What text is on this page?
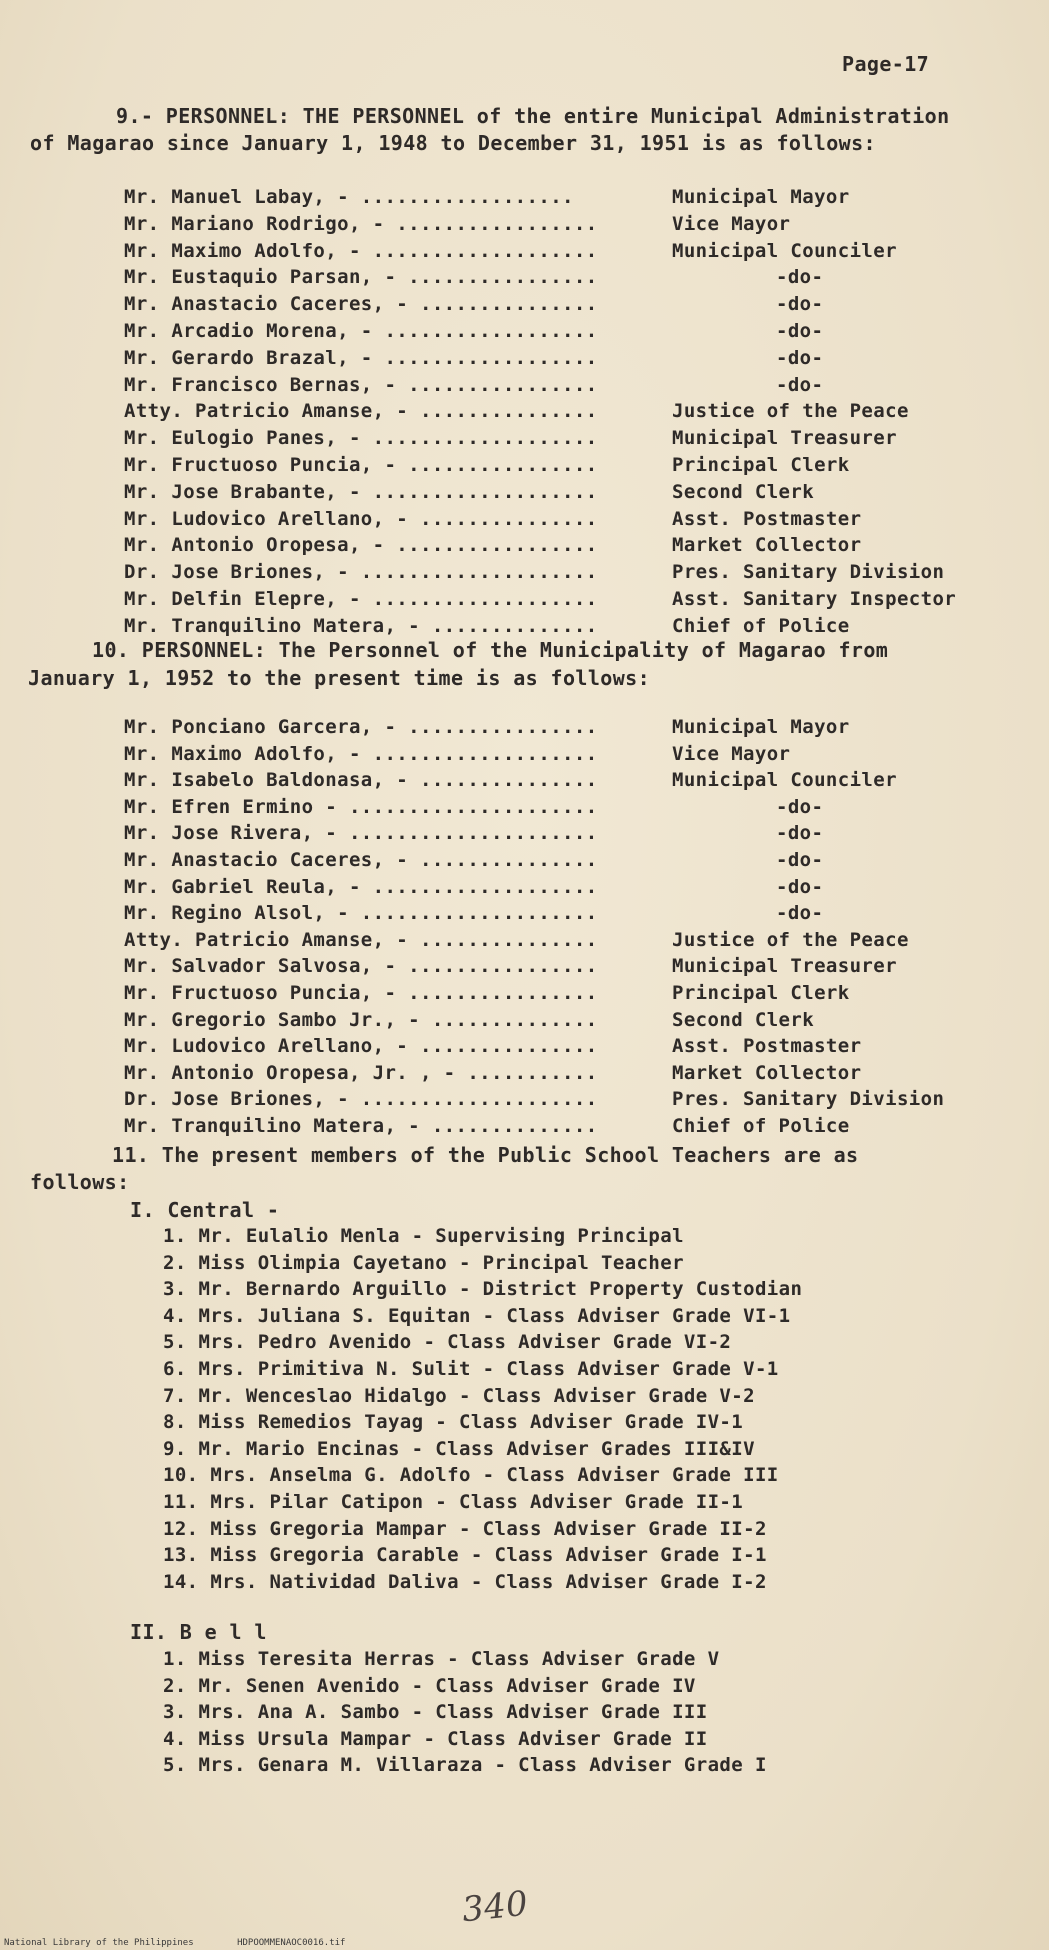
Page-17
9.- PERSONNEL: THE PERSONNEL of the entire Municipal Administration
of Magarao since January 1, 1948 to December 31, 1951 is as follows:
Mr. Manuel Labay, - ..................	Municipal Mayor
Mr. Mariano Rodrigo, - .................	Vice Mayor
Mr. Maximo Adolfo, - ...................	Municipal Counciler
Mr. Eustaquio Parsan, - ................	-do-
Mr. Anastacio Caceres, - ...............	-do-
Mr. Arcadio Morena, - ..................	-do-
Mr. Gerardo Brazal, - ..................	-do-
Mr. Francisco Bernas, - ................	-do-
Atty. Patricio Amanse, - ...............	Justice of the Peace
Mr. Eulogio Panes, - ...................	Municipal Treasurer
Mr. Fructuoso Puncia, - ................	Principal Clerk
Mr. Jose Brabante, - ...................	Second Clerk
Mr. Ludovico Arellano, - ...............	Asst. Postmaster
Mr. Antonio Oropesa, - .................	Market Collector
Dr. Jose Briones, - ....................	Pres. Sanitary Division
Mr. Delfin Elepre, - ...................	Asst. Sanitary Inspector
Mr. Tranquilino Matera, - ..............	Chief of Police
10. PERSONNEL: The Personnel of the Municipality of Magarao from
January 1, 1952 to the present time is as follows:
Mr. Ponciano Garcera, - ................	Municipal Mayor
Mr. Maximo Adolfo, - ...................	Vice Mayor
Mr. Isabelo Baldonasa, - ...............	Municipal Counciler
Mr. Efren Ermino - .....................	-do-
Mr. Jose Rivera, - .....................	-do-
Mr. Anastacio Caceres, - ...............	-do-
Mr. Gabriel Reula, - ...................	-do-
Mr. Regino Alsol, - ....................	-do-
Atty. Patricio Amanse, - ...............	Justice of the Peace
Mr. Salvador Salvosa, - ................	Municipal Treasurer
Mr. Fructuoso Puncia, - ................	Principal Clerk
Mr. Gregorio Sambo Jr., - ..............	Second Clerk
Mr. Ludovico Arellano, - ...............	Asst. Postmaster
Mr. Antonio Oropesa, Jr. , - ...........	Market Collector
Dr. Jose Briones, - ....................	Pres. Sanitary Division
Mr. Tranquilino Matera, - ..............	Chief of Police
11. The present members of the Public School Teachers are as
follows:
I. Central -
1. Mr. Eulalio Menla - Supervising Principal
2. Miss Olimpia Cayetano - Principal Teacher
3. Mr. Bernardo Arguillo - District Property Custodian
4. Mrs. Juliana S. Equitan - Class Adviser Grade VI-1
5. Mrs. Pedro Avenido - Class Adviser Grade VI-2
6. Mrs. Primitiva N. Sulit - Class Adviser Grade V-1
7. Mr. Wenceslao Hidalgo - Class Adviser Grade V-2
8. Miss Remedios Tayag - Class Adviser Grade IV-1
9. Mr. Mario Encinas - Class Adviser Grades III&IV
10. Mrs. Anselma G. Adolfo - Class Adviser Grade III
11. Mrs. Pilar Catipon - Class Adviser Grade II-1
12. Miss Gregoria Mampar - Class Adviser Grade II-2
13. Miss Gregoria Carable - Class Adviser Grade I-1
14. Mrs. Natividad Daliva - Class Adviser Grade I-2
II. B e l l
1. Miss Teresita Herras - Class Adviser Grade V
2. Mr. Senen Avenido - Class Adviser Grade IV
3. Mrs. Ana A. Sambo - Class Adviser Grade III
4. Miss Ursula Mampar - Class Adviser Grade II
5. Mrs. Genara M. Villaraza - Class Adviser Grade I
340
National Library of the Philippines	HDPOOMMENAOC0016.tif
